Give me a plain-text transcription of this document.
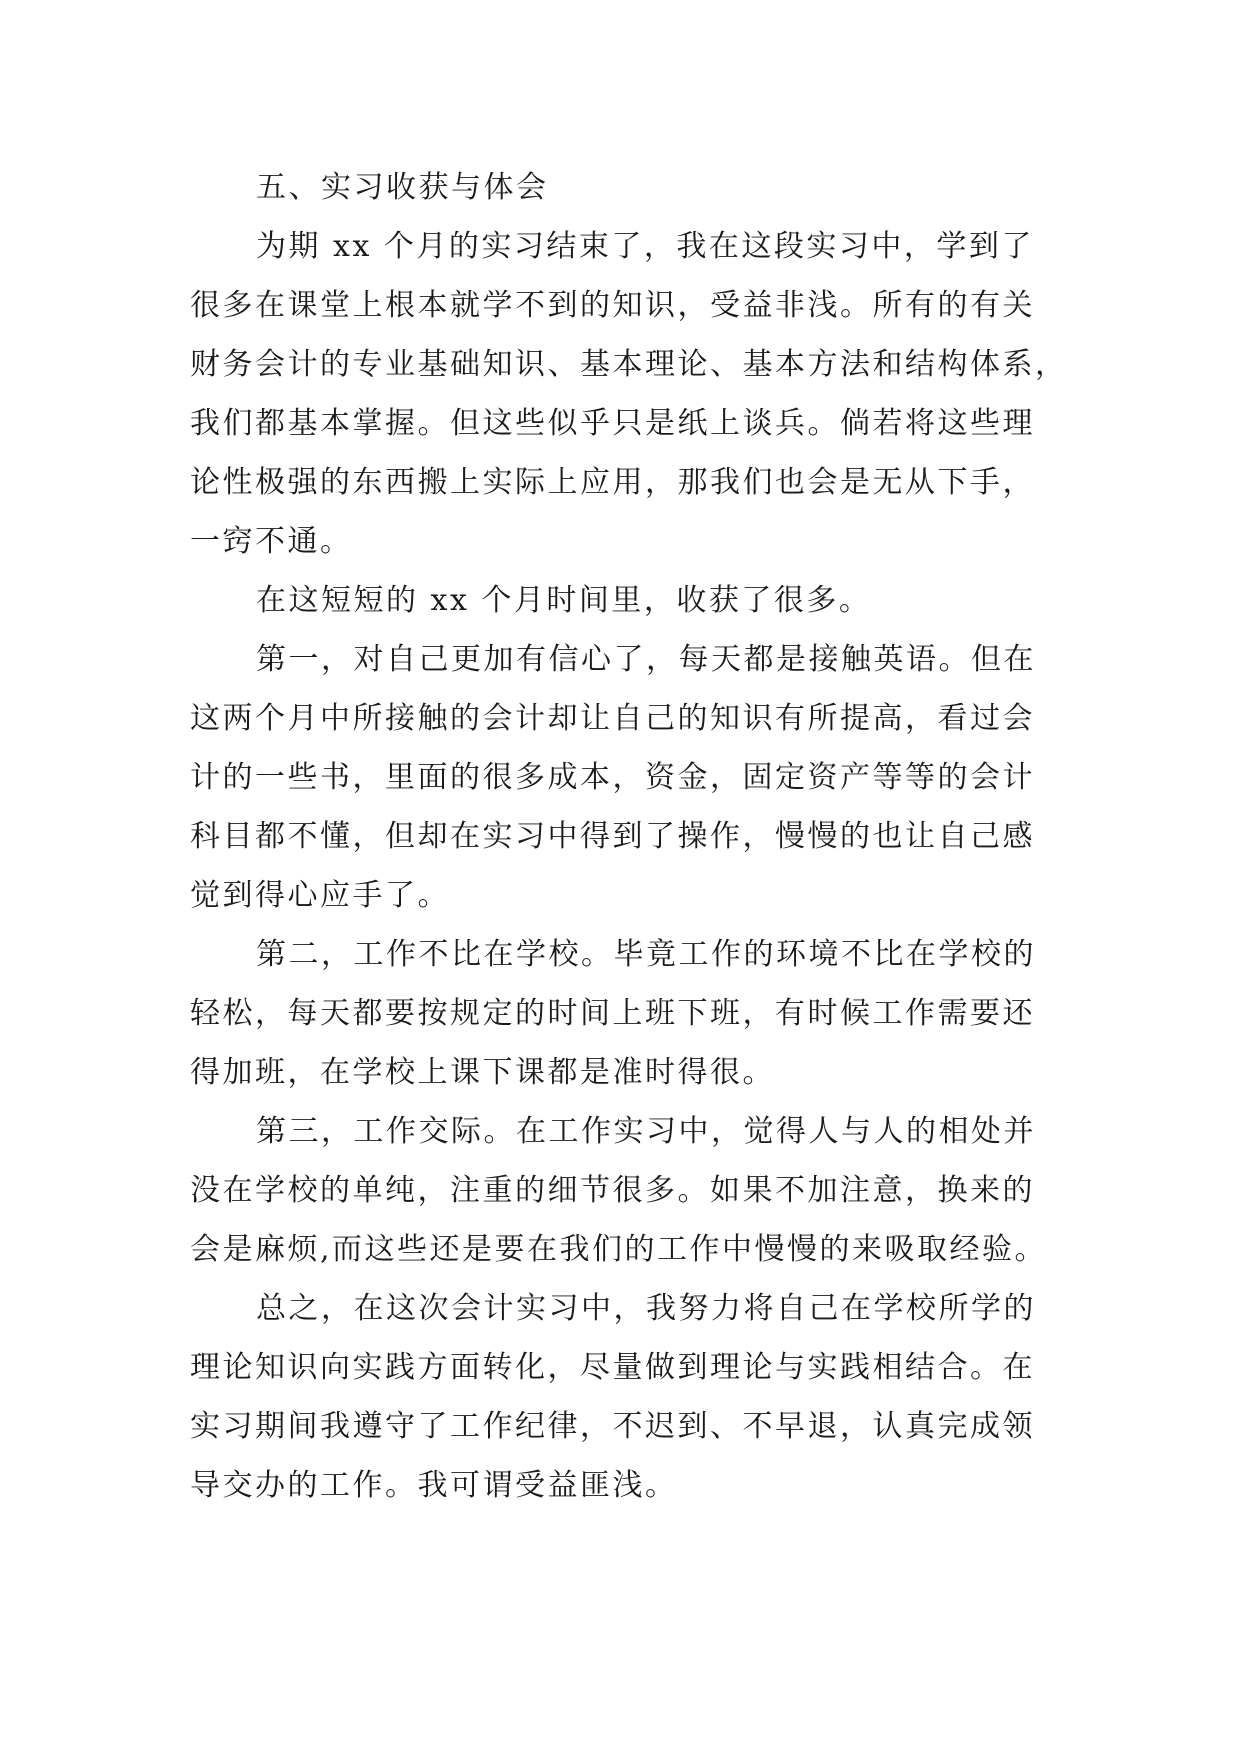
五、实习收获与体会

为期 xx 个月的实习结束了，我在这段实习中，学到了
很多在课堂上根本就学不到的知识，受益非浅。所有的有关
财务会计的专业基础知识、基本理论、基本方法和结构体系，
我们都基本掌握。但这些似乎只是纸上谈兵。倘若将这些理
论性极强的东西搬上实际上应用，那我们也会是无从下手，
一窍不通。

在这短短的 xx 个月时间里，收获了很多。

第一，对自己更加有信心了，每天都是接触英语。但在
这两个月中所接触的会计却让自己的知识有所提高，看过会
计的一些书，里面的很多成本，资金，固定资产等等的会计
科目都不懂，但却在实习中得到了操作，慢慢的也让自己感
觉到得心应手了。

第二，工作不比在学校。毕竟工作的环境不比在学校的
轻松，每天都要按规定的时间上班下班，有时候工作需要还
得加班，在学校上课下课都是准时得很。

第三，工作交际。在工作实习中，觉得人与人的相处并
没在学校的单纯，注重的细节很多。如果不加注意，换来的
会是麻烦,而这些还是要在我们的工作中慢慢的来吸取经验。

总之，在这次会计实习中，我努力将自己在学校所学的
理论知识向实践方面转化，尽量做到理论与实践相结合。在
实习期间我遵守了工作纪律，不迟到、不早退，认真完成领
导交办的工作。我可谓受益匪浅。
